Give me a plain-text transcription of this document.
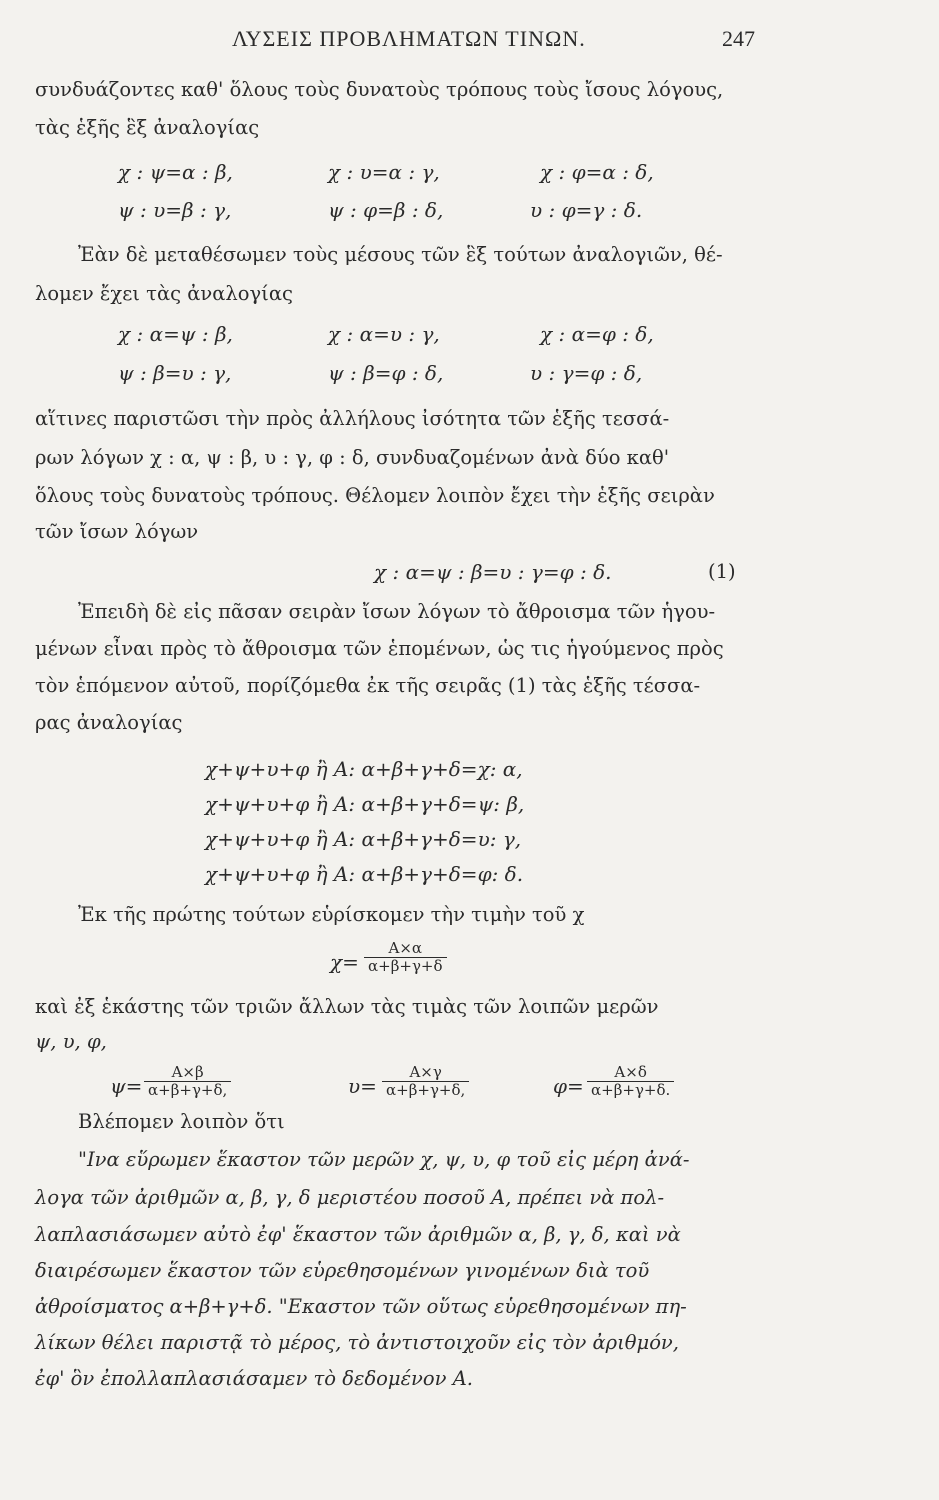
ΛΥΣΕΙΣ ΠΡΟΒΛΗΜΑΤΩΝ ΤΙΝΩΝ.	247
συνδυάζοντες καθ' ὅλους τοὺς δυνατοὺς τρόπους τοὺς ἴσους λόγους,
τὰς ἑξῆς ἓξ ἀναλογίας
χ : ψ=α : β,	χ : υ=α : γ,	χ : φ=α : δ,
ψ : υ=β : γ,	ψ : φ=β : δ,	υ : φ=γ : δ.
Ἐὰν δὲ μεταθέσωμεν τοὺς μέσους τῶν ἓξ τούτων ἀναλογιῶν, θέ-
λομεν ἔχει τὰς ἀναλογίας
χ : α=ψ : β,	χ : α=υ : γ,	χ : α=φ : δ,
ψ : β=υ : γ,	ψ : β=φ : δ,	υ : γ=φ : δ,
αἵτινες παριστῶσι τὴν πρὸς ἀλλήλους ἰσότητα τῶν ἑξῆς τεσσά-
ρων λόγων χ : α, ψ : β, υ : γ, φ : δ, συνδυαζομένων ἀνὰ δύο καθ'
ὅλους τοὺς δυνατοὺς τρόπους. Θέλομεν λοιπὸν ἔχει τὴν ἑξῆς σειρὰν
τῶν ἴσων λόγων
χ : α=ψ : β=υ : γ=φ : δ.	(1)
Ἐπειδὴ δὲ εἰς πᾶσαν σειρὰν ἴσων λόγων τὸ ἄθροισμα τῶν ἡγου-
μένων εἶναι πρὸς τὸ ἄθροισμα τῶν ἑπομένων, ὡς τις ἡγούμενος πρὸς
τὸν ἑπόμενον αὐτοῦ, πορίζόμεθα ἐκ τῆς σειρᾶς (1) τὰς ἑξῆς τέσσα-
ρας ἀναλογίας
χ+ψ+υ+φ ἢ Α: α+β+γ+δ=χ: α,
χ+ψ+υ+φ ἢ Α: α+β+γ+δ=ψ: β,
χ+ψ+υ+φ ἢ Α: α+β+γ+δ=υ: γ,
χ+ψ+υ+φ ἢ Α: α+β+γ+δ=φ: δ.
Ἐκ τῆς πρώτης τούτων εὑρίσκομεν τὴν τιμὴν τοῦ χ
$\chi= \frac{A\times\alpha}{\alpha+\beta+\gamma+\delta}$
καὶ ἐξ ἑκάστης τῶν τριῶν ἄλλων τὰς τιμὰς τῶν λοιπῶν μερῶν
ψ, υ, φ,
$\psi= \frac{A\times\beta}{\alpha+\beta+\gamma+\delta,}$	$\upsilon= \frac{A\times\gamma}{\alpha+\beta+\gamma+\delta,}$	$\varphi= \frac{A\times\delta}{\alpha+\beta+\gamma+\delta.}$
Βλέπομεν λοιπὸν ὅτι
"Ινα εὕρωμεν ἕκαστον τῶν μερῶν χ, ψ, υ, φ τοῦ εἰς μέρη ἀνά-
λογα τῶν ἀριθμῶν α, β, γ, δ μεριστέου ποσοῦ Α, πρέπει νὰ πολ-
λαπλασιάσωμεν αὐτὸ ἐφ' ἕκαστον τῶν ἀριθμῶν α, β, γ, δ, καὶ νὰ
διαιρέσωμεν ἕκαστον τῶν εὑρεθησομένων γινομένων διὰ τοῦ
ἀθροίσματος α+β+γ+δ. "Εκαστον τῶν οὕτως εὑρεθησομένων πη-
λίκων θέλει παριστᾷ τὸ μέρος, τὸ ἀντιστοιχοῦν εἰς τὸν ἀριθμόν,
ἐφ' ὃν ἐπολλαπλασιάσαμεν τὸ δεδομένον Α.
